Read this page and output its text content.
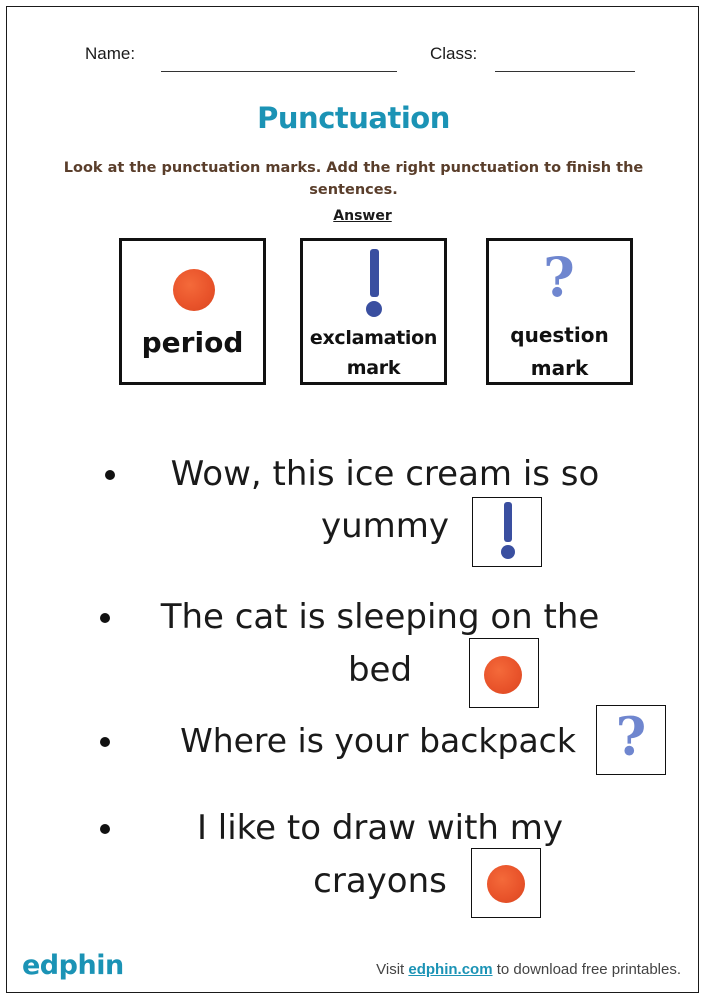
Name:	Class:
Punctuation
Look at the punctuation marks. Add the right punctuation to finish the sentences.
Answer
period	exclamation
mark
?
question
mark
Wow, this ice cream is so
yummy
The cat is sleeping on the
bed
Where is your backpack ?
I like to draw with my
crayons
edphin	Visit edphin.com to download free printables.
